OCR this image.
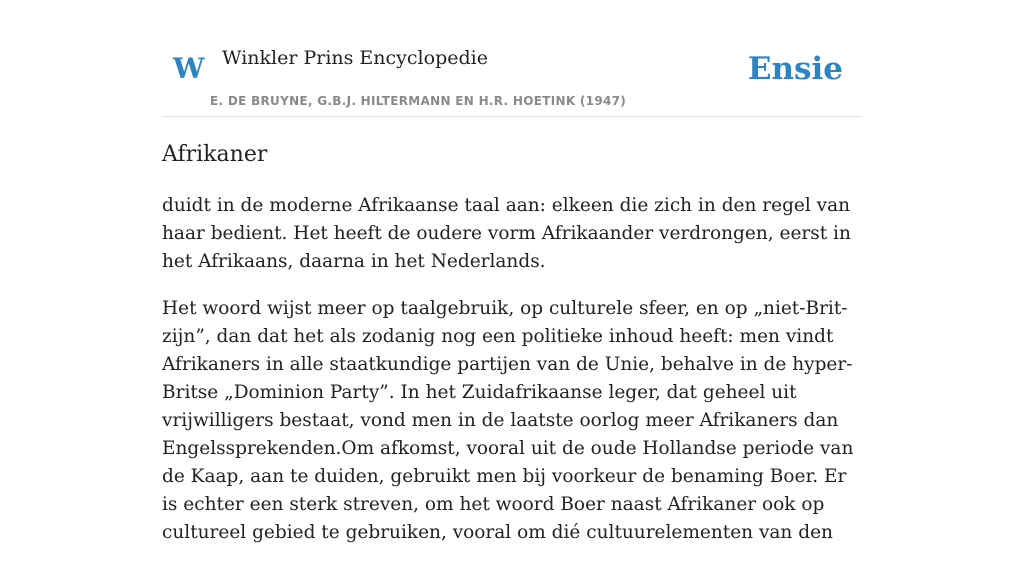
W Winkler Prins Encyclopedie
E. DE BRUYNE, G.B.J. HILTERMANN EN H.R. HOETINK (1947)
Ensie
Afrikaner

duidt in de moderne Afrikaanse taal aan: elkeen die zich in den regel van haar bedient. Het heeft de oudere vorm Afrikaander verdrongen, eerst in het Afrikaans, daarna in het Nederlands.

Het woord wijst meer op taalgebruik, op culturele sfeer, en op „niet-Brit-zijn”, dan dat het als zodanig nog een politieke inhoud heeft: men vindt Afrikaners in alle staatkundige partijen van de Unie, behalve in de hyper-Britse „Dominion Party”. In het Zuidafrikaanse leger, dat geheel uit vrijwilligers bestaat, vond men in de laatste oorlog meer Afrikaners dan Engelssprekenden.Om afkomst, vooral uit de oude Hollandse periode van de Kaap, aan te duiden, gebruikt men bij voorkeur de benaming Boer. Er is echter een sterk streven, om het woord Boer naast Afrikaner ook op cultureel gebied te gebruiken, vooral om dié cultuurelementen van den
